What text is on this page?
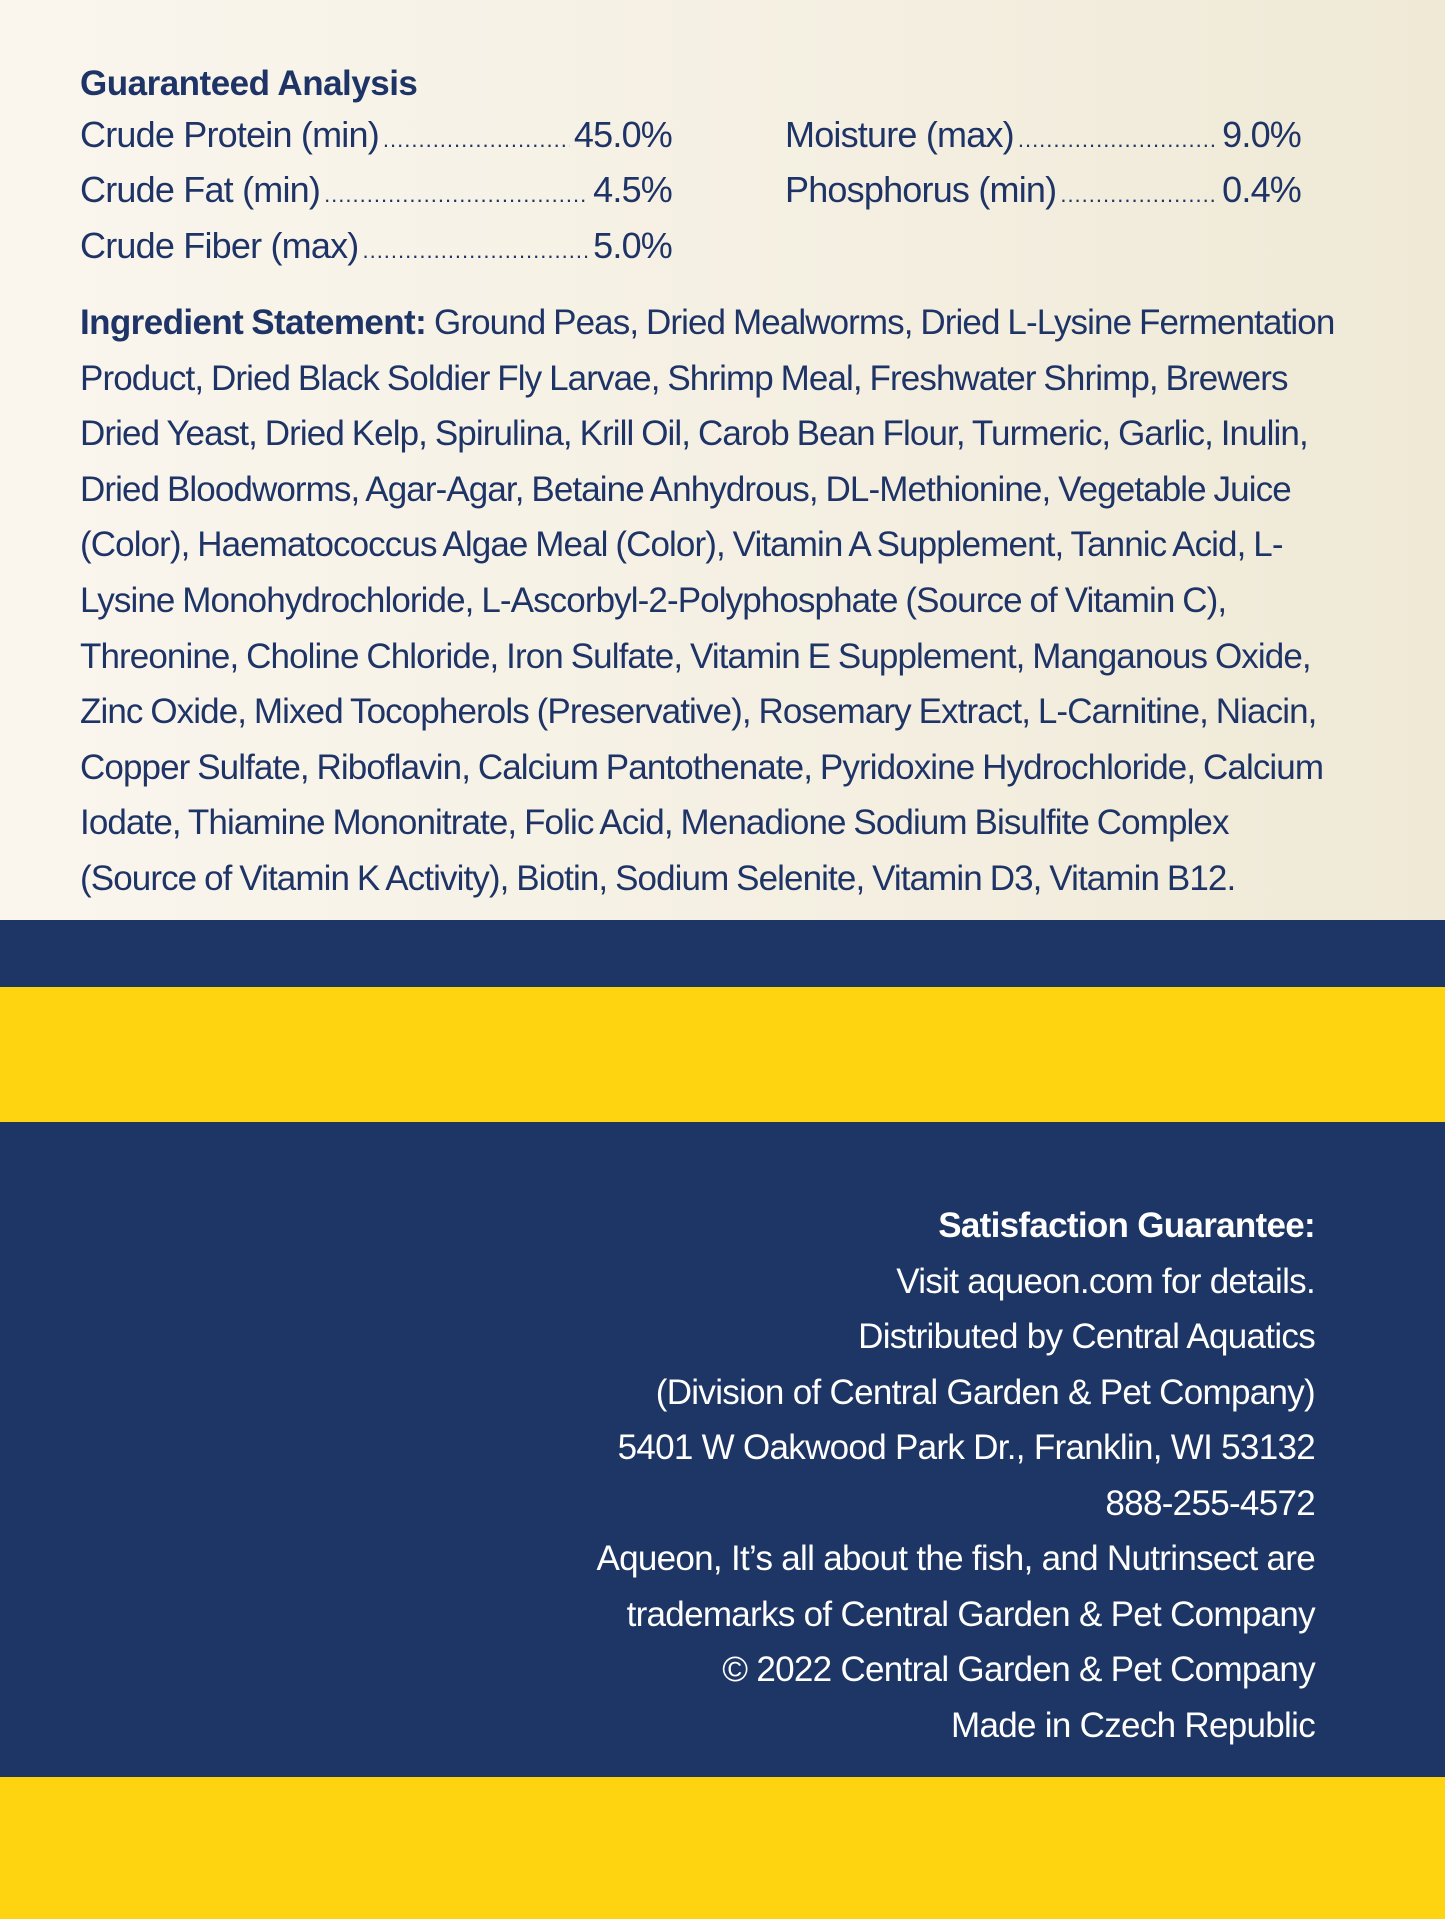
Guaranteed Analysis
Crude Protein (min) .....	45.0%
Crude Fat (min) .....	4.5%
Crude Fiber (max) .....	5.0%
Moisture (max) .....	9.0%
Phosphorus (min) .....	0.4%
Ingredient Statement: Ground Peas, Dried Mealworms, Dried L-Lysine Fermentation Product, Dried Black Soldier Fly Larvae, Shrimp Meal, Freshwater Shrimp, Brewers Dried Yeast, Dried Kelp, Spirulina, Krill Oil, Carob Bean Flour, Turmeric, Garlic, Inulin, Dried Bloodworms, Agar-Agar, Betaine Anhydrous, DL-Methionine, Vegetable Juice (Color), Haematococcus Algae Meal (Color), Vitamin A Supplement, Tannic Acid, L-Lysine Monohydrochloride, L-Ascorbyl-2-Polyphosphate (Source of Vitamin C), Threonine, Choline Chloride, Iron Sulfate, Vitamin E Supplement, Manganous Oxide, Zinc Oxide, Mixed Tocopherols (Preservative), Rosemary Extract, L-Carnitine, Niacin, Copper Sulfate, Riboflavin, Calcium Pantothenate, Pyridoxine Hydrochloride, Calcium Iodate, Thiamine Mononitrate, Folic Acid, Menadione Sodium Bisulfite Complex (Source of Vitamin K Activity), Biotin, Sodium Selenite, Vitamin D3, Vitamin B12.
Satisfaction Guarantee:
Visit aqueon.com for details.
Distributed by Central Aquatics
(Division of Central Garden & Pet Company)
5401 W Oakwood Park Dr., Franklin, WI 53132
888-255-4572
Aqueon, It’s all about the fish, and Nutrinsect are
trademarks of Central Garden & Pet Company
© 2022 Central Garden & Pet Company
Made in Czech Republic
